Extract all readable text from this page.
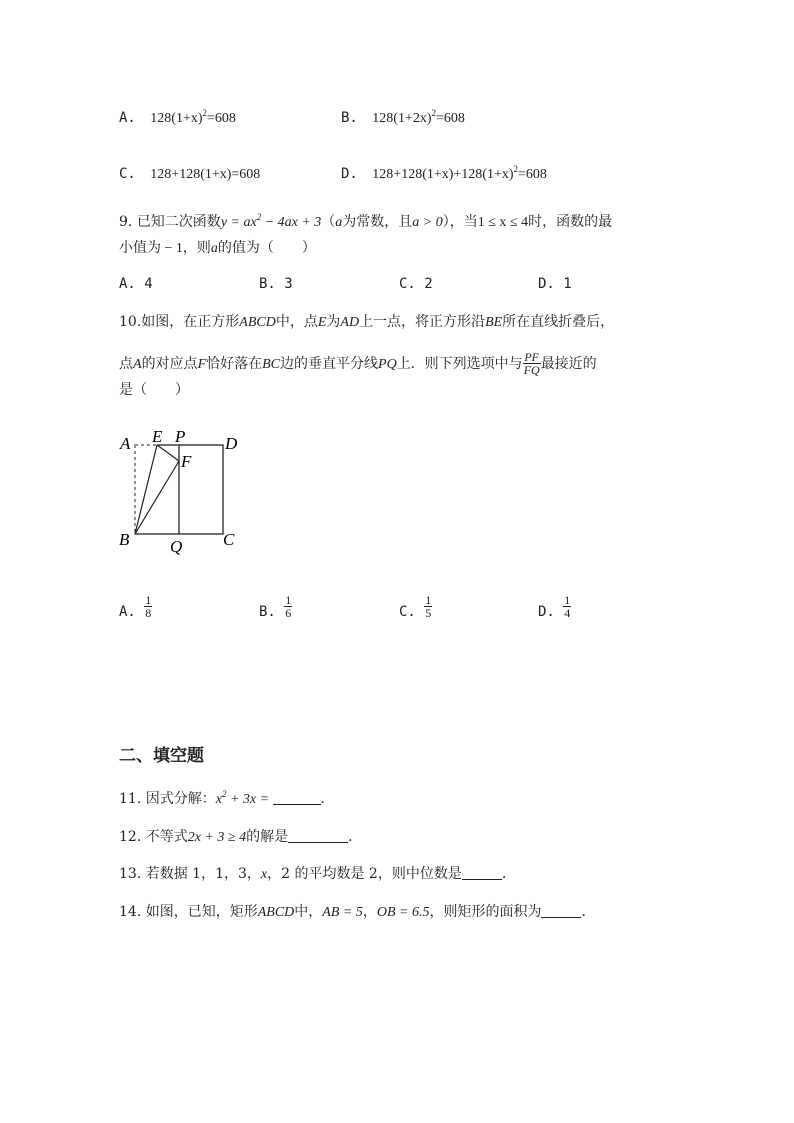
A. $128(1+x)^2=608$	B. $128(1+2x)^2=608$
C. 128+128(1+x)=608	D. $128+128(1+x)+128(1+x)^2=608$
9. 已知二次函数$y = ax^2 - 4ax + 3(a$为常数，且a > 0），当1 ≤ x ≤ 4时，函数的最
小值为 − 1，则a的值为（　　）
A. 4	B. 3	C. 2	D. 1
10.如图，在正方形ABCD中，点E为AD上一点，将正方形沿BE所在直线折叠后，
点A的对应点F恰好落在BC边的垂直平分线PQ上．则下列选项中与 $\frac{PF}{FQ}$ 最接近的
是（　　）
A E P D
F
B Q C
A. $\frac{1}{8}$	B. $\frac{1}{6}$	C. $\frac{1}{5}$	D. $\frac{1}{4}$
二、填空题
11. 因式分解：$x^2 + 3x$ =	.
12. 不等式2x + 3 ≥ 4的解是	.
13. 若数据 1，1，3，x，2 的平均数是 2，则中位数是	.
14. 如图，已知，矩形ABCD中，AB = 5，OB = 6.5，则矩形的面积为	.
